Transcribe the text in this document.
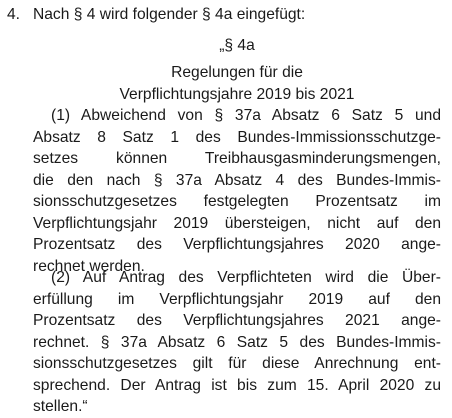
4. Nach § 4 wird folgender § 4a eingefügt:
„§ 4a
Regelungen für die
Verpflichtungsjahre 2019 bis 2021
(1) Abweichend von § 37a Absatz 6 Satz 5 und
Absatz 8 Satz 1 des Bundes-Immissionsschutzge-
setzes können Treibhausgasminderungsmengen,
die den nach § 37a Absatz 4 des Bundes-Immis-
sionsschutzgesetzes festgelegten Prozentsatz im
Verpflichtungsjahr 2019 übersteigen, nicht auf den
Prozentsatz des Verpflichtungsjahres 2020 ange-
rechnet werden.
(2) Auf Antrag des Verpflichteten wird die Über-
erfüllung im Verpflichtungsjahr 2019 auf den
Prozentsatz des Verpflichtungsjahres 2021 ange-
rechnet. § 37a Absatz 6 Satz 5 des Bundes-Immis-
sionsschutzgesetzes gilt für diese Anrechnung ent-
sprechend. Der Antrag ist bis zum 15. April 2020 zu
stellen.“
